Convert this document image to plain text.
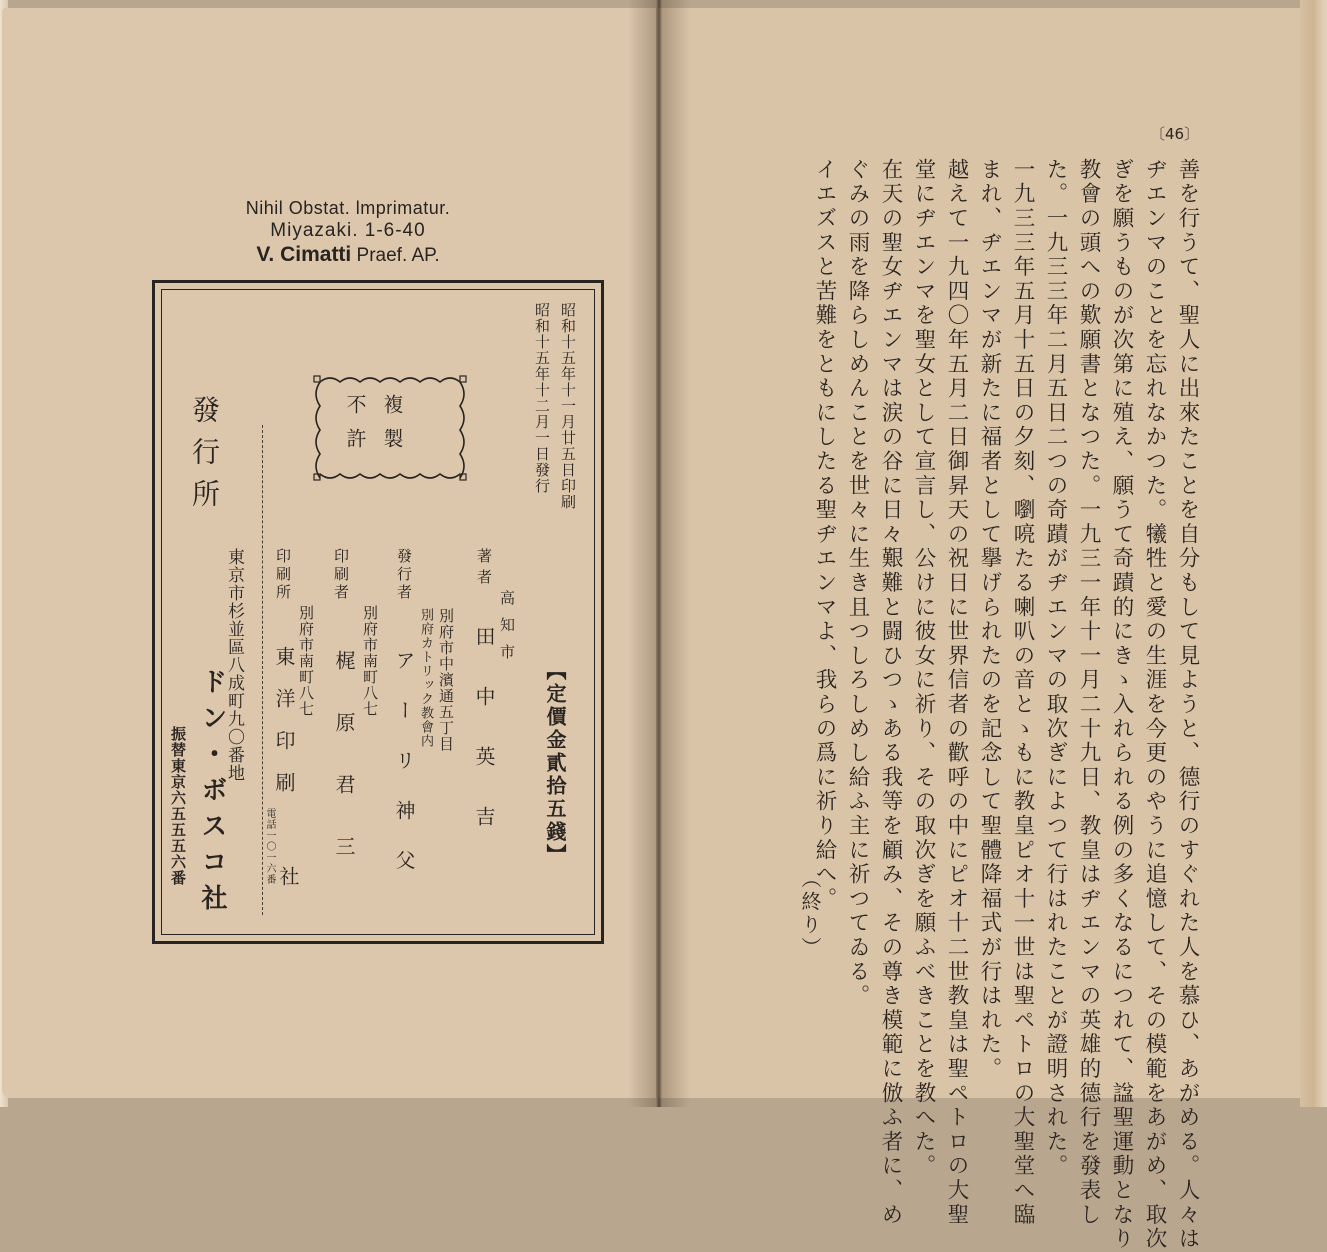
Nihil Obstat. lmprimatur.
Miyazaki. 1-6-40
V. Cimatti Praef. AP.
複製
不許	昭和十五年十一月廿五日印刷
昭和十五年十二月一日發行
【定價金貳拾五錢】
著者
高知市
田中英吉
發行者
別府市中濱通五丁目
別府カトリック教會内
アーリ神父
印刷者
別府市南町八七
梶原君三
印刷所
別府市南町八七
東洋印刷
電話一〇一六番 社
發行所
東京市杉並區八成町九〇番地
ドン・ボスコ社
振替東京六五五五六番
〔46〕
善を行うて、聖人に出來たことを自分もして見ようと、德行のすぐれた人を慕ひ、あがめる。人々は
ヂエンマのことを忘れなかつた。犧牲と愛の生涯を今更のやうに追憶して、その模範をあがめ、取次
ぎを願うものが次第に殖え、願うて奇蹟的にきゝ入れられる例の多くなるにつれて、諡聖運動となり
教會の頭への歎願書となつた。一九三一年十一月二十九日、教皇はヂエンマの英雄的德行を發表し
た。一九三三年二月五日二つの奇蹟がヂエンマの取次ぎによつて行はれたことが證明された。
一九三三年五月十五日の夕刻、嚠喨たる喇叭の音とゝもに教皇ピオ十一世は聖ペトロの大聖堂へ臨
まれ、ヂエンマが新たに福者として擧げられたのを記念して聖體降福式が行はれた。
越えて一九四〇年五月二日御昇天の祝日に世界信者の歡呼の中にピオ十二世教皇は聖ペトロの大聖
堂にヂエンマを聖女として宣言し、公けに彼女に祈り、その取次ぎを願ふべきことを教へた。
在天の聖女ヂエンマは涙の谷に日々艱難と闘ひつゝある我等を顧み、その尊き模範に倣ふ者に、め
ぐみの雨を降らしめんことを世々に生き且つしろしめし給ふ主に祈つてゐる。
イエズスと苦難をともにしたる聖ヂエンマよ、我らの爲に祈り給へ。
（終り）
